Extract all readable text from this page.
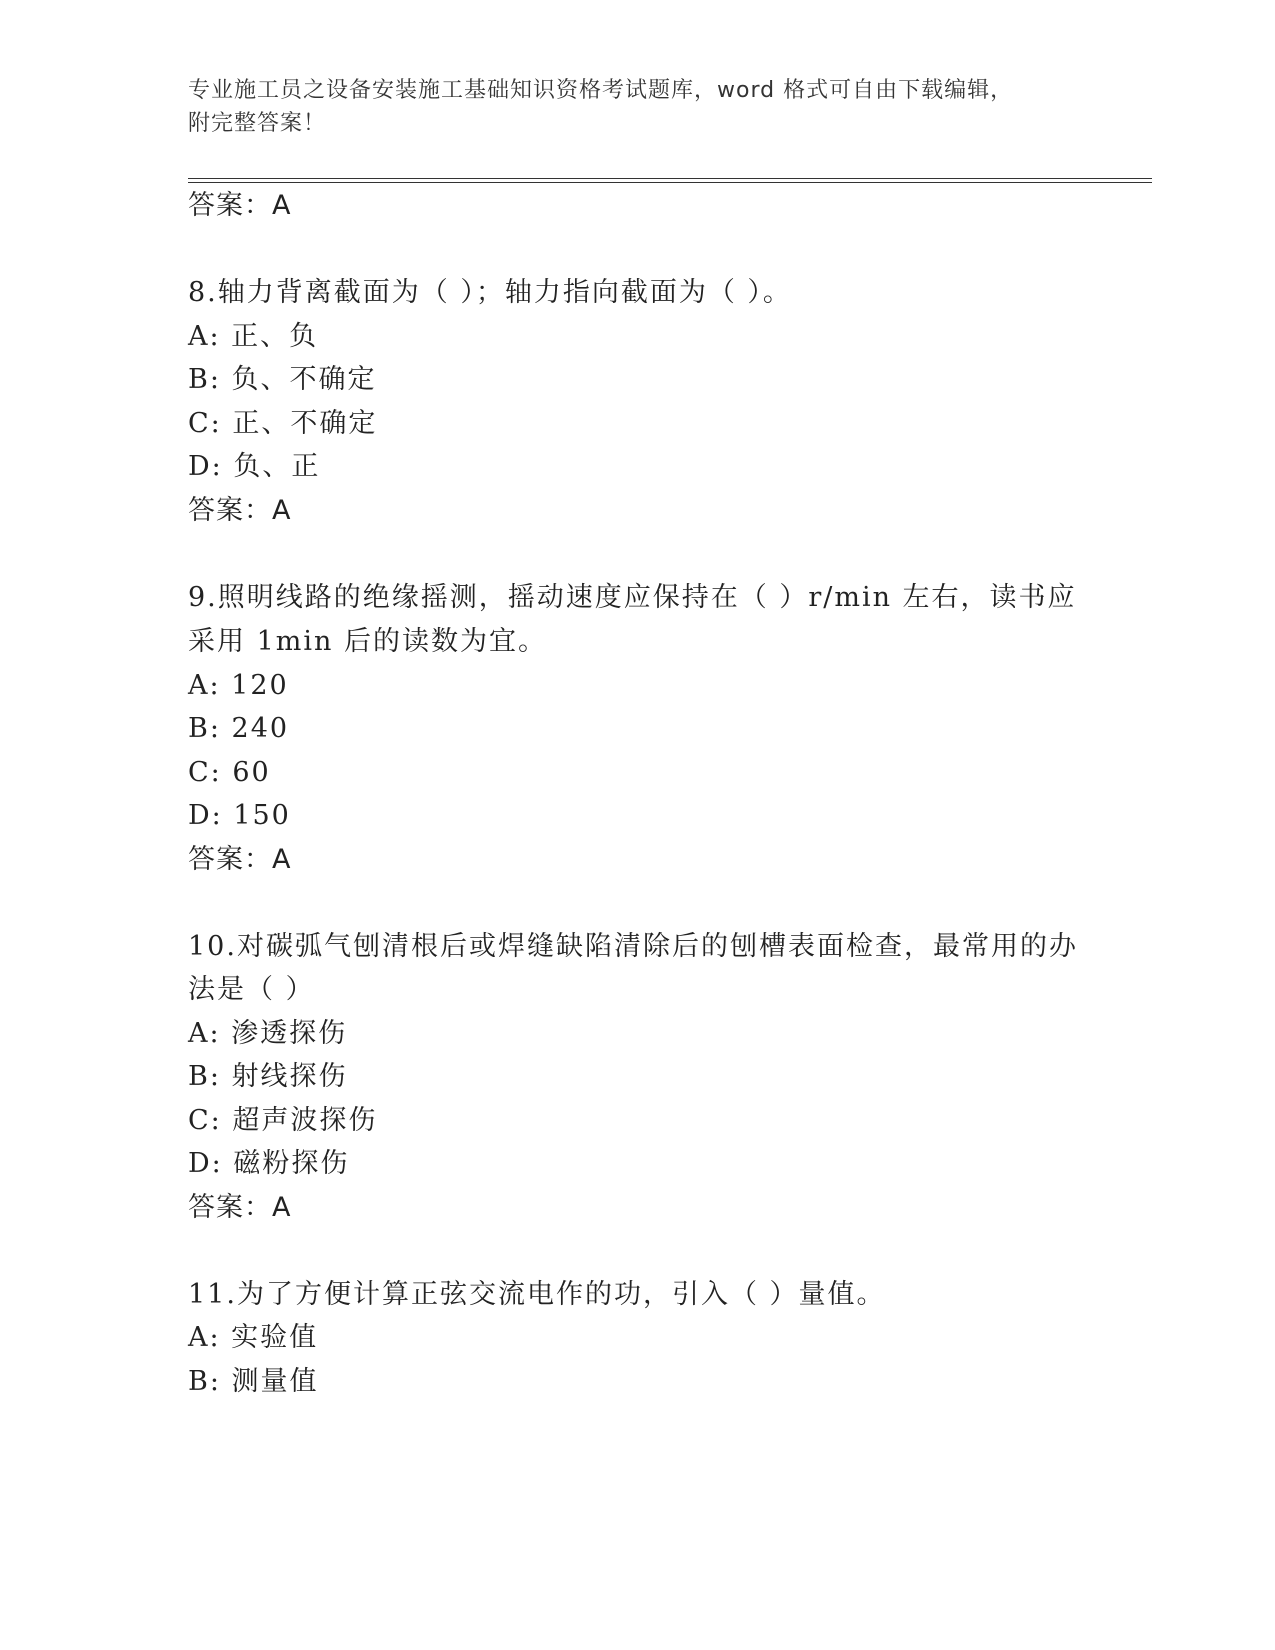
专业施工员之设备安装施工基础知识资格考试题库，word 格式可自由下载编辑，
附完整答案！
答案：A
8.轴力背离截面为（ ）；轴力指向截面为（ ）。
A: 正、负
B: 负、不确定
C: 正、不确定
D: 负、正
答案：A
9.照明线路的绝缘摇测，摇动速度应保持在（ ）r/min 左右，读书应
采用 1min 后的读数为宜。
A: 120
B: 240
C: 60
D: 150
答案：A
10.对碳弧气刨清根后或焊缝缺陷清除后的刨槽表面检查，最常用的办
法是（ ）
A: 渗透探伤
B: 射线探伤
C: 超声波探伤
D: 磁粉探伤
答案：A
11.为了方便计算正弦交流电作的功，引入（ ）量值。
A: 实验值
B: 测量值
